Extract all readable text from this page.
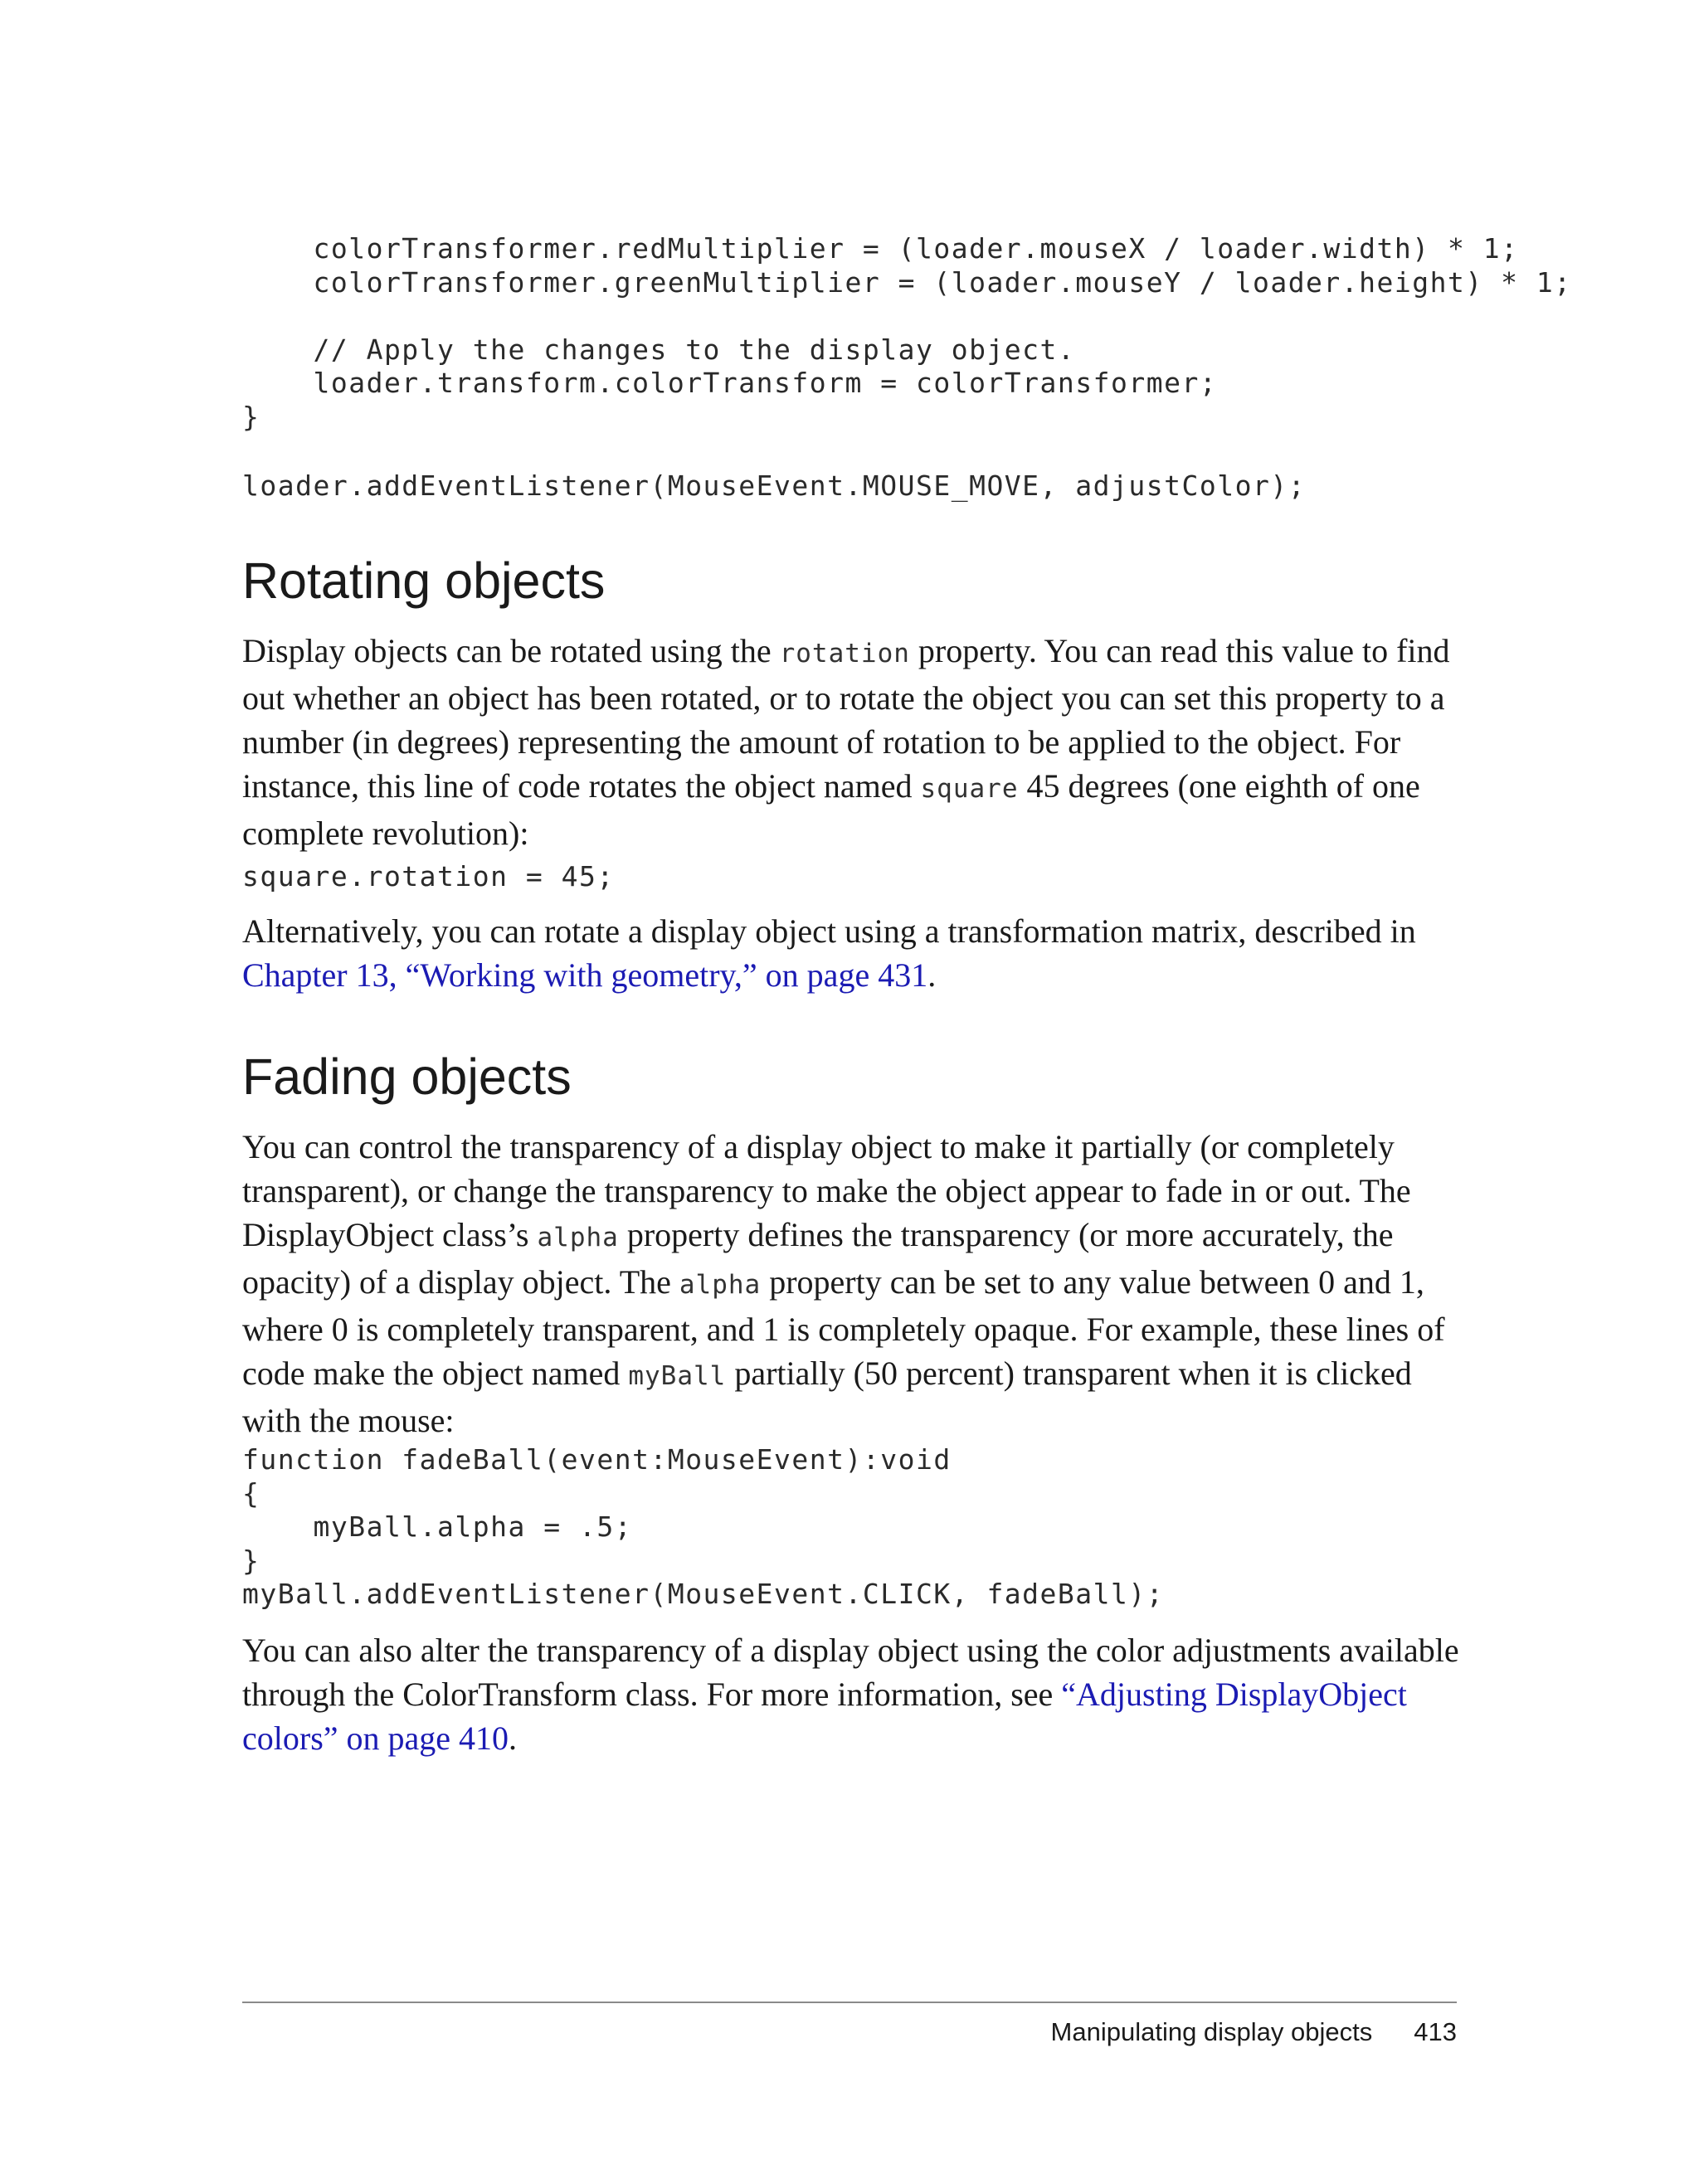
colorTransformer.redMultiplier = (loader.mouseX / loader.width) * 1;
colorTransformer.greenMultiplier = (loader.mouseY / loader.height) * 1;

// Apply the changes to the display object.
loader.transform.colorTransform = colorTransformer;
}
loader.addEventListener(MouseEvent.MOUSE_MOVE, adjustColor);
Rotating objects

Display objects can be rotated using the rotation property. You can read this value to find out whether an object has been rotated, or to rotate the object you can set this property to a number (in degrees) representing the amount of rotation to be applied to the object. For instance, this line of code rotates the object named square 45 degrees (one eighth of one complete revolution):

square.rotation = 45;

Alternatively, you can rotate a display object using a transformation matrix, described in Chapter 13, “Working with geometry,” on page 431.

Fading objects

You can control the transparency of a display object to make it partially (or completely transparent), or change the transparency to make the object appear to fade in or out. The DisplayObject class’s alpha property defines the transparency (or more accurately, the opacity) of a display object. The alpha property can be set to any value between 0 and 1, where 0 is completely transparent, and 1 is completely opaque. For example, these lines of code make the object named myBall partially (50 percent) transparent when it is clicked with the mouse:

function fadeBall(event:MouseEvent):void
{
myBall.alpha = .5;
}
myBall.addEventListener(MouseEvent.CLICK, fadeBall);

You can also alter the transparency of a display object using the color adjustments available through the ColorTransform class. For more information, see “Adjusting DisplayObject colors” on page 410.

Manipulating display objects 413
